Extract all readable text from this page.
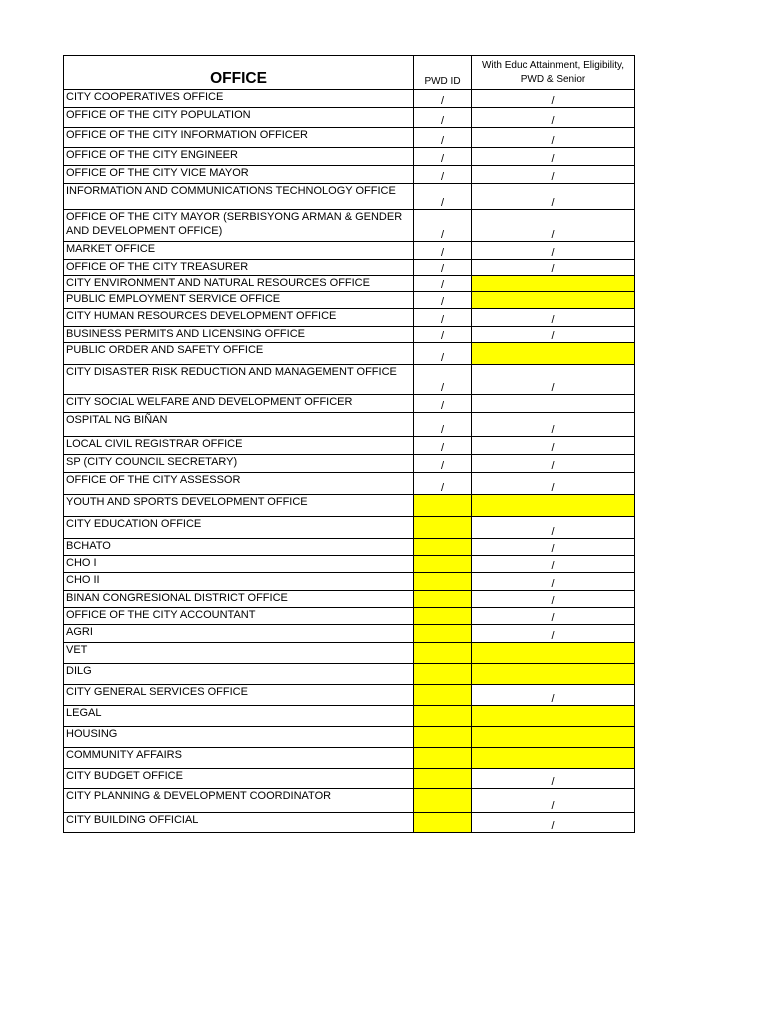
OFFICE	PWD ID	With Educ Attainment, Eligibility, PWD & Senior
CITY COOPERATIVES OFFICE	/	/
OFFICE OF THE CITY POPULATION	/	/
OFFICE OF THE CITY INFORMATION OFFICER	/	/
OFFICE OF THE CITY ENGINEER	/	/
OFFICE OF THE CITY VICE MAYOR	/	/
INFORMATION AND COMMUNICATIONS TECHNOLOGY OFFICE	/	/
OFFICE OF THE CITY MAYOR (SERBISYONG ARMAN & GENDER AND DEVELOPMENT OFFICE)	/	/
MARKET OFFICE	/	/
OFFICE OF THE CITY TREASURER	/	/
CITY ENVIRONMENT AND NATURAL RESOURCES OFFICE	/	
PUBLIC EMPLOYMENT SERVICE OFFICE	/	
CITY HUMAN RESOURCES DEVELOPMENT OFFICE	/	/
BUSINESS PERMITS AND LICENSING OFFICE	/	/
PUBLIC ORDER AND SAFETY OFFICE	/	
CITY DISASTER RISK REDUCTION AND MANAGEMENT OFFICE	/	/
CITY SOCIAL WELFARE AND DEVELOPMENT OFFICER	/	
OSPITAL NG BIÑAN	/	/
LOCAL CIVIL REGISTRAR OFFICE	/	/
SP (CITY COUNCIL SECRETARY)	/	/
OFFICE OF THE CITY ASSESSOR	/	/
YOUTH AND SPORTS DEVELOPMENT OFFICE		
CITY EDUCATION OFFICE		/
BCHATO		/
CHO I		/
CHO II		/
BINAN CONGRESIONAL DISTRICT OFFICE		/
OFFICE OF THE CITY ACCOUNTANT		/
AGRI		/
VET		
DILG		
CITY GENERAL SERVICES OFFICE		/
LEGAL		
HOUSING		
COMMUNITY AFFAIRS		
CITY BUDGET OFFICE		/
CITY PLANNING & DEVELOPMENT COORDINATOR		/
CITY BUILDING OFFICIAL		/
